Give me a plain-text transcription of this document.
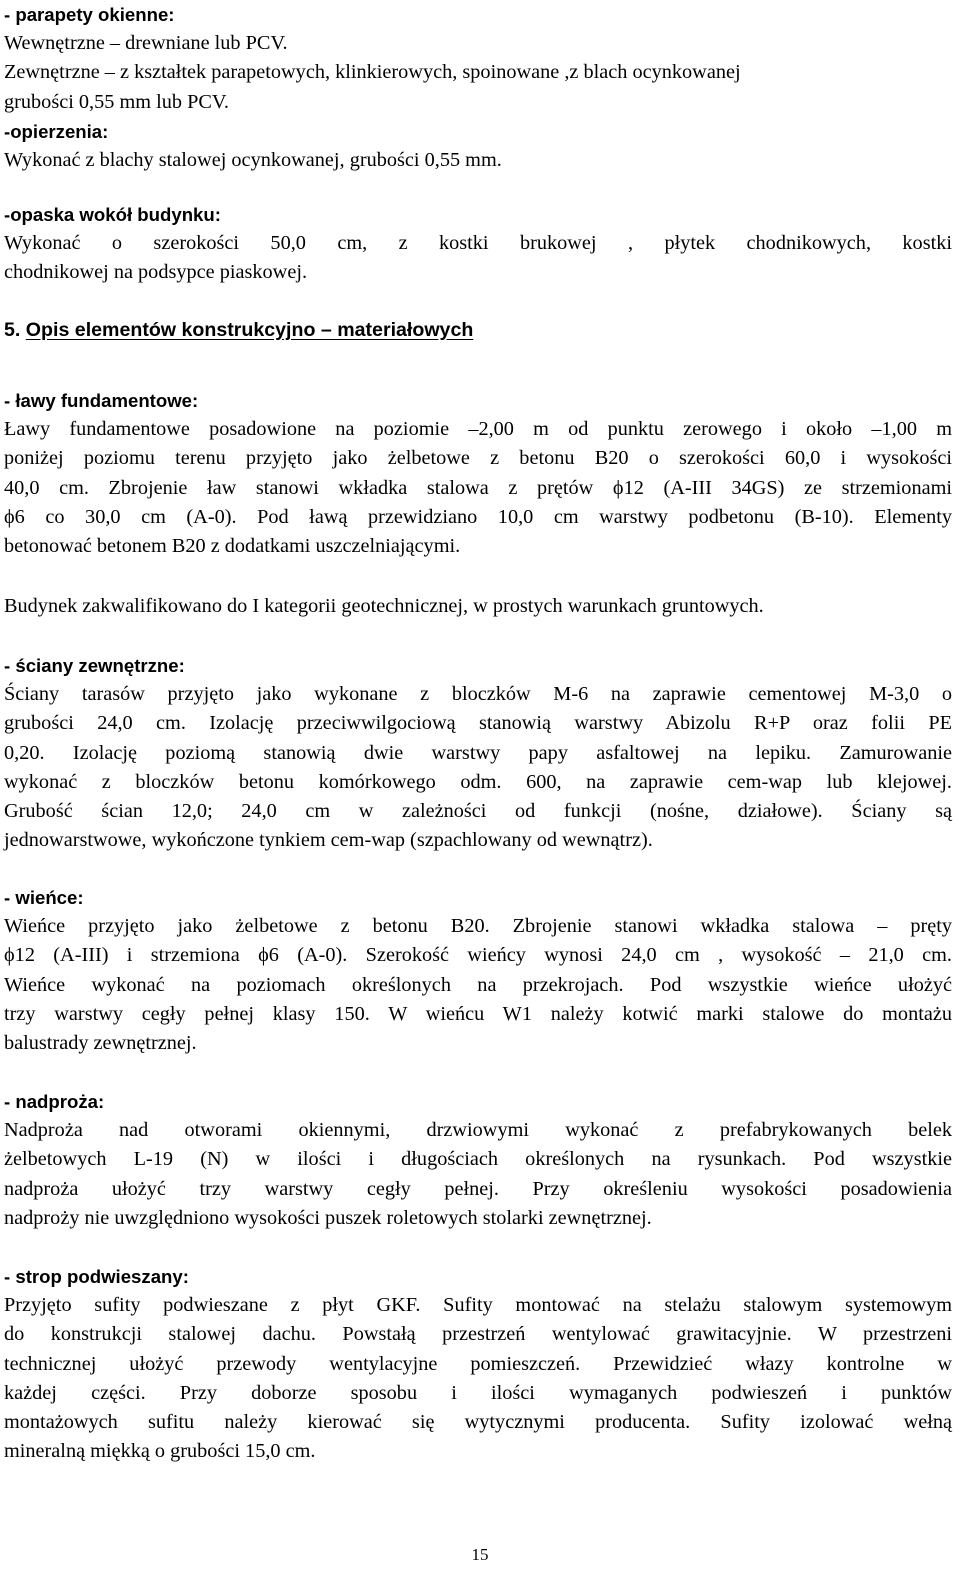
- parapety okienne:
Wewnętrzne – drewniane lub PCV.
Zewnętrzne – z kształtek parapetowych, klinkierowych, spoinowane ,z blach ocynkowanej
grubości 0,55 mm lub PCV.
-opierzenia:
Wykonać z blachy stalowej ocynkowanej, grubości 0,55 mm.
-opaska wokół budynku:
Wykonać o szerokości 50,0 cm, z kostki brukowej , płytek chodnikowych, kostki
chodnikowej na podsypce piaskowej.
5. Opis elementów konstrukcyjno – materiałowych
- ławy fundamentowe:
Ławy fundamentowe posadowione na poziomie –2,00 m od punktu zerowego i około –1,00 m
poniżej poziomu terenu przyjęto jako żelbetowe z betonu B20 o szerokości 60,0 i wysokości
40,0 cm. Zbrojenie ław stanowi wkładka stalowa z prętów ϕ12 (A-III 34GS) ze strzemionami
ϕ6 co 30,0 cm (A-0). Pod ławą przewidziano 10,0 cm warstwy podbetonu (B-10). Elementy
betonować betonem B20 z dodatkami uszczelniającymi.
Budynek zakwalifikowano do I kategorii geotechnicznej, w prostych warunkach gruntowych.
- ściany zewnętrzne:
Ściany tarasów przyjęto jako wykonane z bloczków M-6 na zaprawie cementowej M-3,0 o
grubości 24,0 cm. Izolację przeciwwilgociową stanowią warstwy Abizolu R+P oraz folii PE
0,20. Izolację poziomą stanowią dwie warstwy papy asfaltowej na lepiku. Zamurowanie
wykonać z bloczków betonu komórkowego odm. 600, na zaprawie cem-wap lub klejowej.
Grubość ścian 12,0; 24,0 cm w zależności od funkcji (nośne, działowe). Ściany są
jednowarstwowe, wykończone tynkiem cem-wap (szpachlowany od wewnątrz).
- wieńce:
Wieńce przyjęto jako żelbetowe z betonu B20. Zbrojenie stanowi wkładka stalowa – pręty
ϕ12 (A-III) i strzemiona ϕ6 (A-0). Szerokość wieńcy wynosi 24,0 cm , wysokość – 21,0 cm.
Wieńce wykonać na poziomach określonych na przekrojach. Pod wszystkie wieńce ułożyć
trzy warstwy cegły pełnej klasy 150. W wieńcu W1 należy kotwić marki stalowe do montażu
balustrady zewnętrznej.
- nadproża:
Nadproża nad otworami okiennymi, drzwiowymi wykonać z prefabrykowanych belek
żelbetowych L-19 (N) w ilości i długościach określonych na rysunkach. Pod wszystkie
nadproża ułożyć trzy warstwy cegły pełnej. Przy określeniu wysokości posadowienia
nadproży nie uwzględniono wysokości puszek roletowych stolarki zewnętrznej.
- strop podwieszany:
Przyjęto sufity podwieszane z płyt GKF. Sufity montować na stelażu stalowym systemowym
do konstrukcji stalowej dachu. Powstałą przestrzeń wentylować grawitacyjnie. W przestrzeni
technicznej ułożyć przewody wentylacyjne pomieszczeń. Przewidzieć włazy kontrolne w
każdej części. Przy doborze sposobu i ilości wymaganych podwieszeń i punktów
montażowych sufitu należy kierować się wytycznymi producenta. Sufity izolować wełną
mineralną miękką o grubości 15,0 cm.
15
